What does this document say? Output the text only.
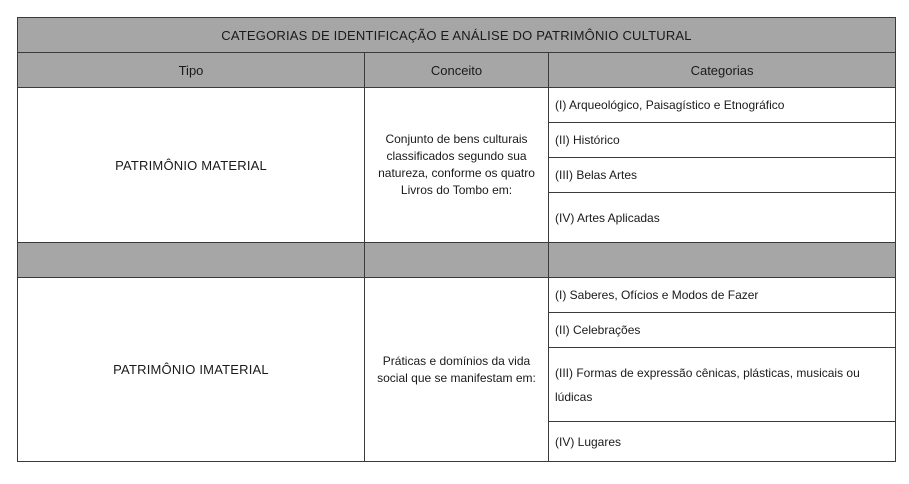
CATEGORIAS DE IDENTIFICAÇÃO E ANÁLISE DO PATRIMÔNIO CULTURAL		
Tipo	Conceito	Categorias
PATRIMÔNIO MATERIAL	Conjunto de bens culturais classificados segundo sua natureza, conforme os quatro Livros do Tombo em:	(I) Arqueológico, Paisagístico e Etnográfico
		(II) Histórico
		(III) Belas Artes
		(IV) Artes Aplicadas

PATRIMÔNIO IMATERIAL	Práticas e domínios da vida social que se manifestam em:	(I) Saberes, Ofícios e Modos de Fazer
		(II) Celebrações
		(III) Formas de expressão cênicas, plásticas, musicais ou lúdicas
		(IV) Lugares
